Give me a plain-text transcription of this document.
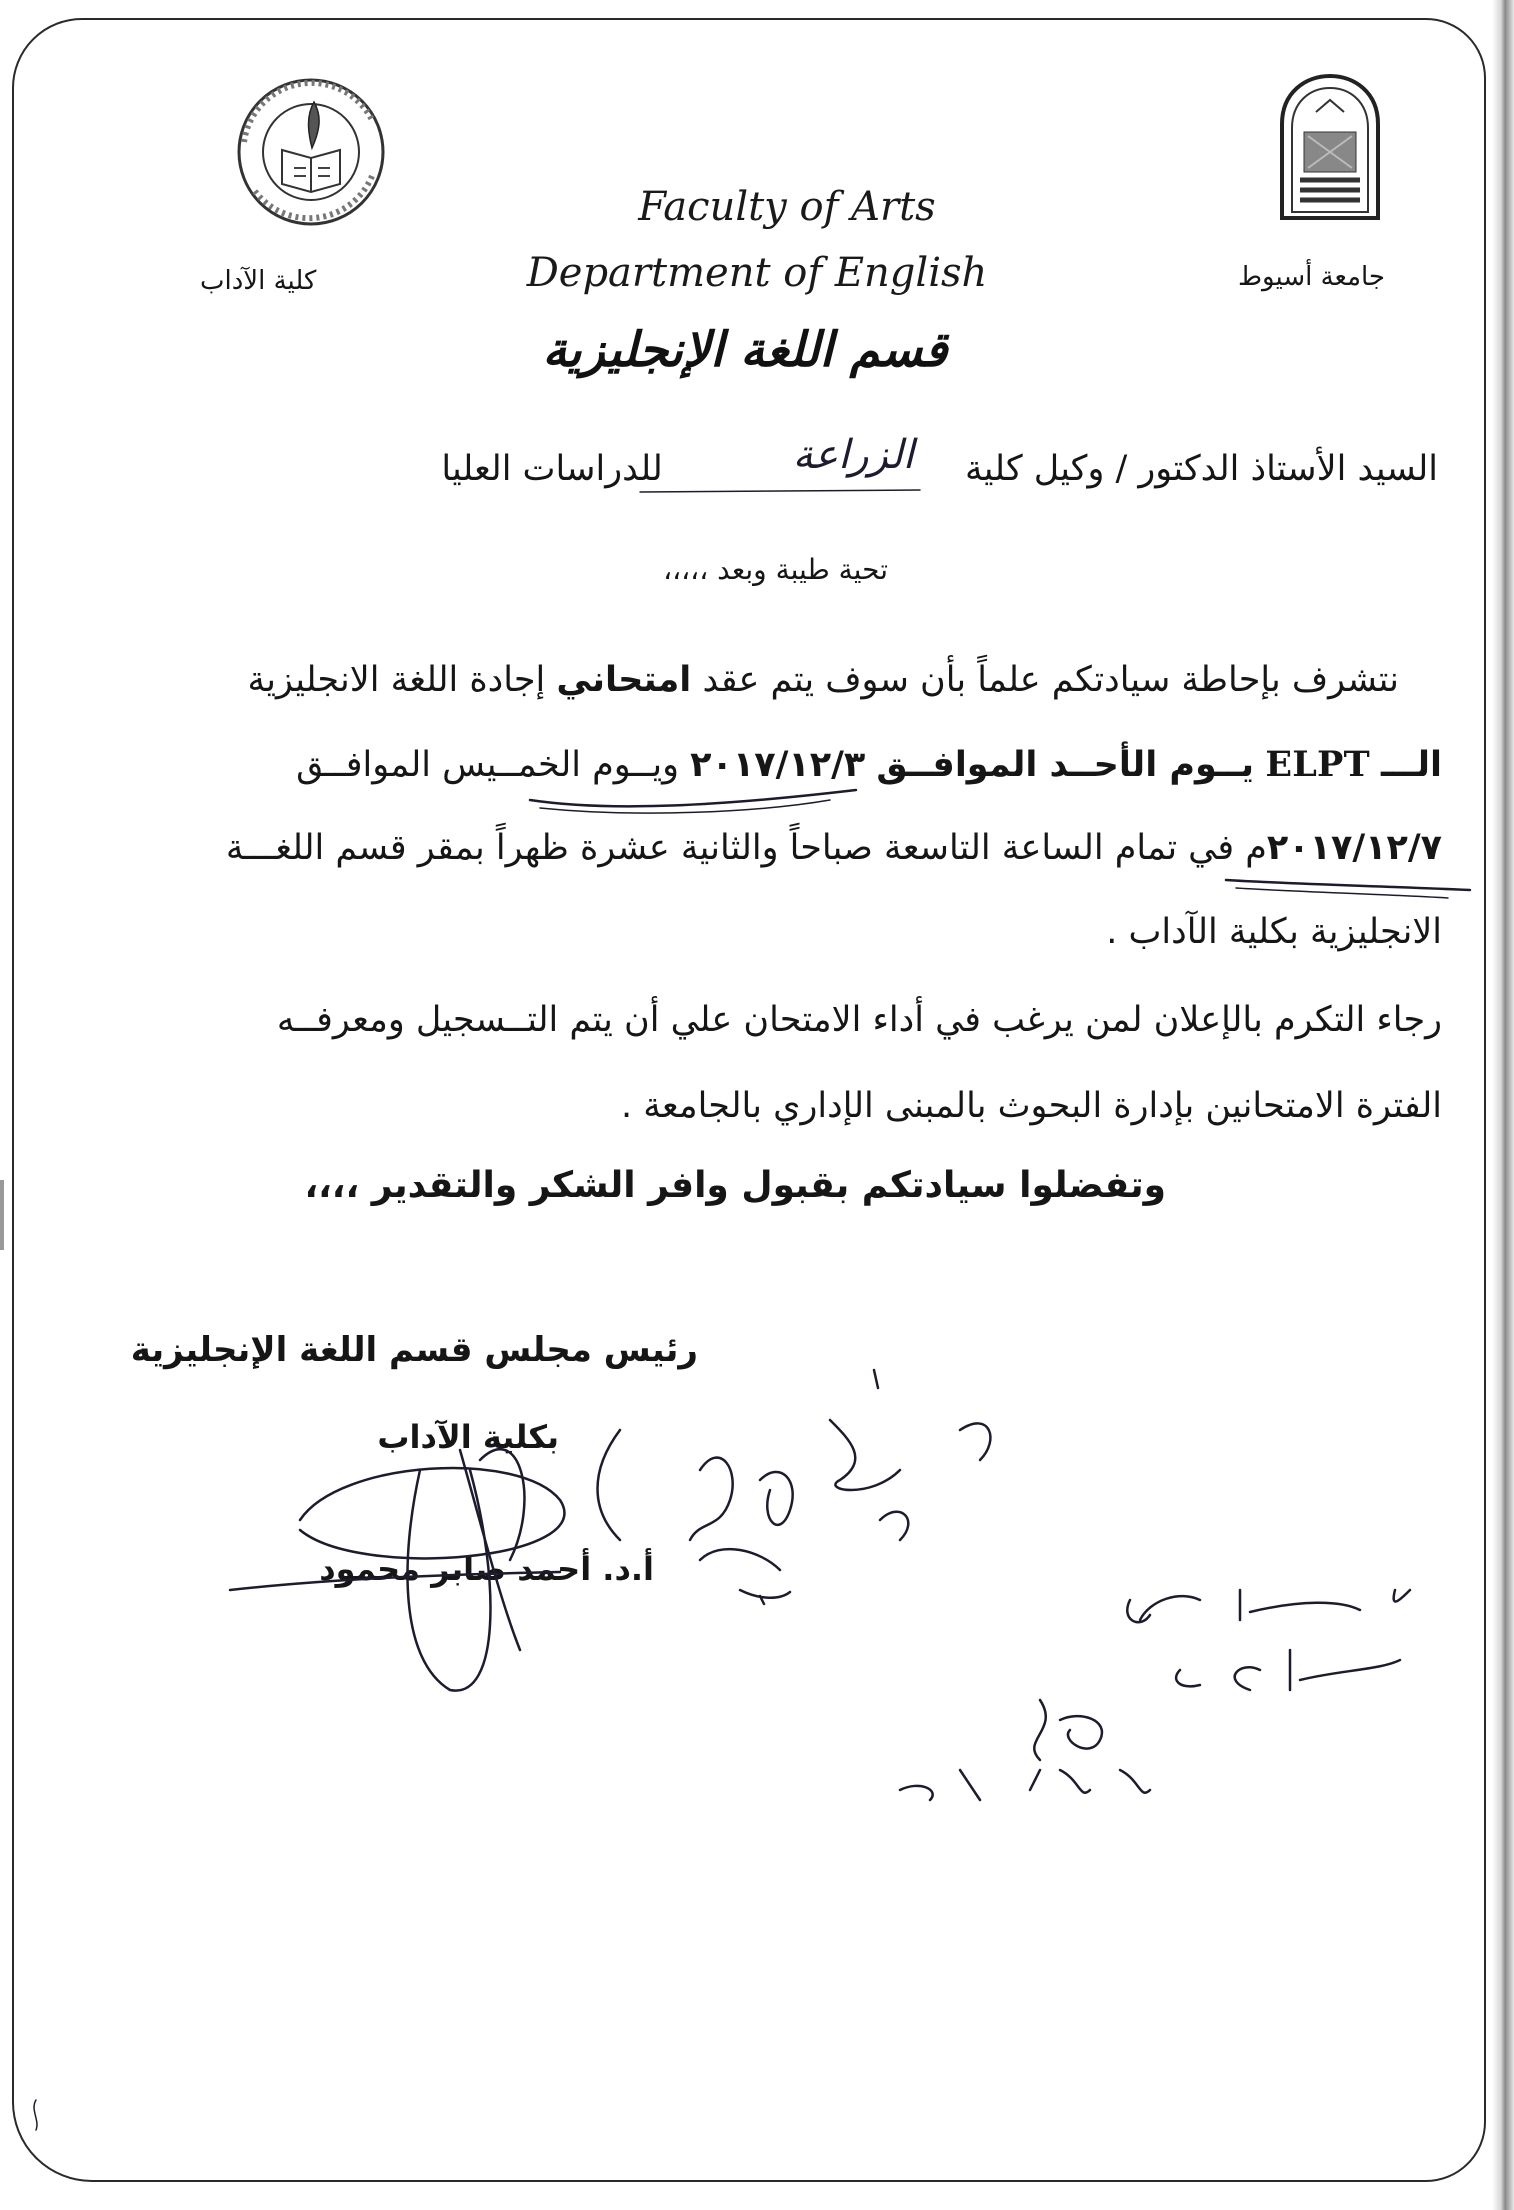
كلية الآداب	جامعة أسيوط
Faculty of Arts
Department of English
قسم اللغة الإنجليزية
السيد الأستاذ الدكتور / وكيل كلية
الزراعة
للدراسات العليا
تحية طيبة وبعد ،،،،،
نتشرف بإحاطة سيادتكم علماً بأن سوف يتم عقد امتحاني إجادة اللغة الانجليزية
الـــ ELPT يــوم الأحــد الموافــق ٢٠١٧/١٢/٣ ويــوم الخمــيس الموافــق
٢٠١٧/١٢/٧م في تمام الساعة التاسعة صباحاً والثانية عشرة ظهراً بمقر قسم اللغـــة
الانجليزية بكلية الآداب .
رجاء التكرم بالإعلان لمن يرغب في أداء الامتحان علي أن يتم التــسجيل ومعرفــه
الفترة الامتحانين بإدارة البحوث بالمبنى الإداري بالجامعة .
وتفضلوا سيادتكم بقبول وافر الشكر والتقدير ،،،،
رئيس مجلس قسم اللغة الإنجليزية
بكلية الآداب
أ.د. أحمد صابر محمود
